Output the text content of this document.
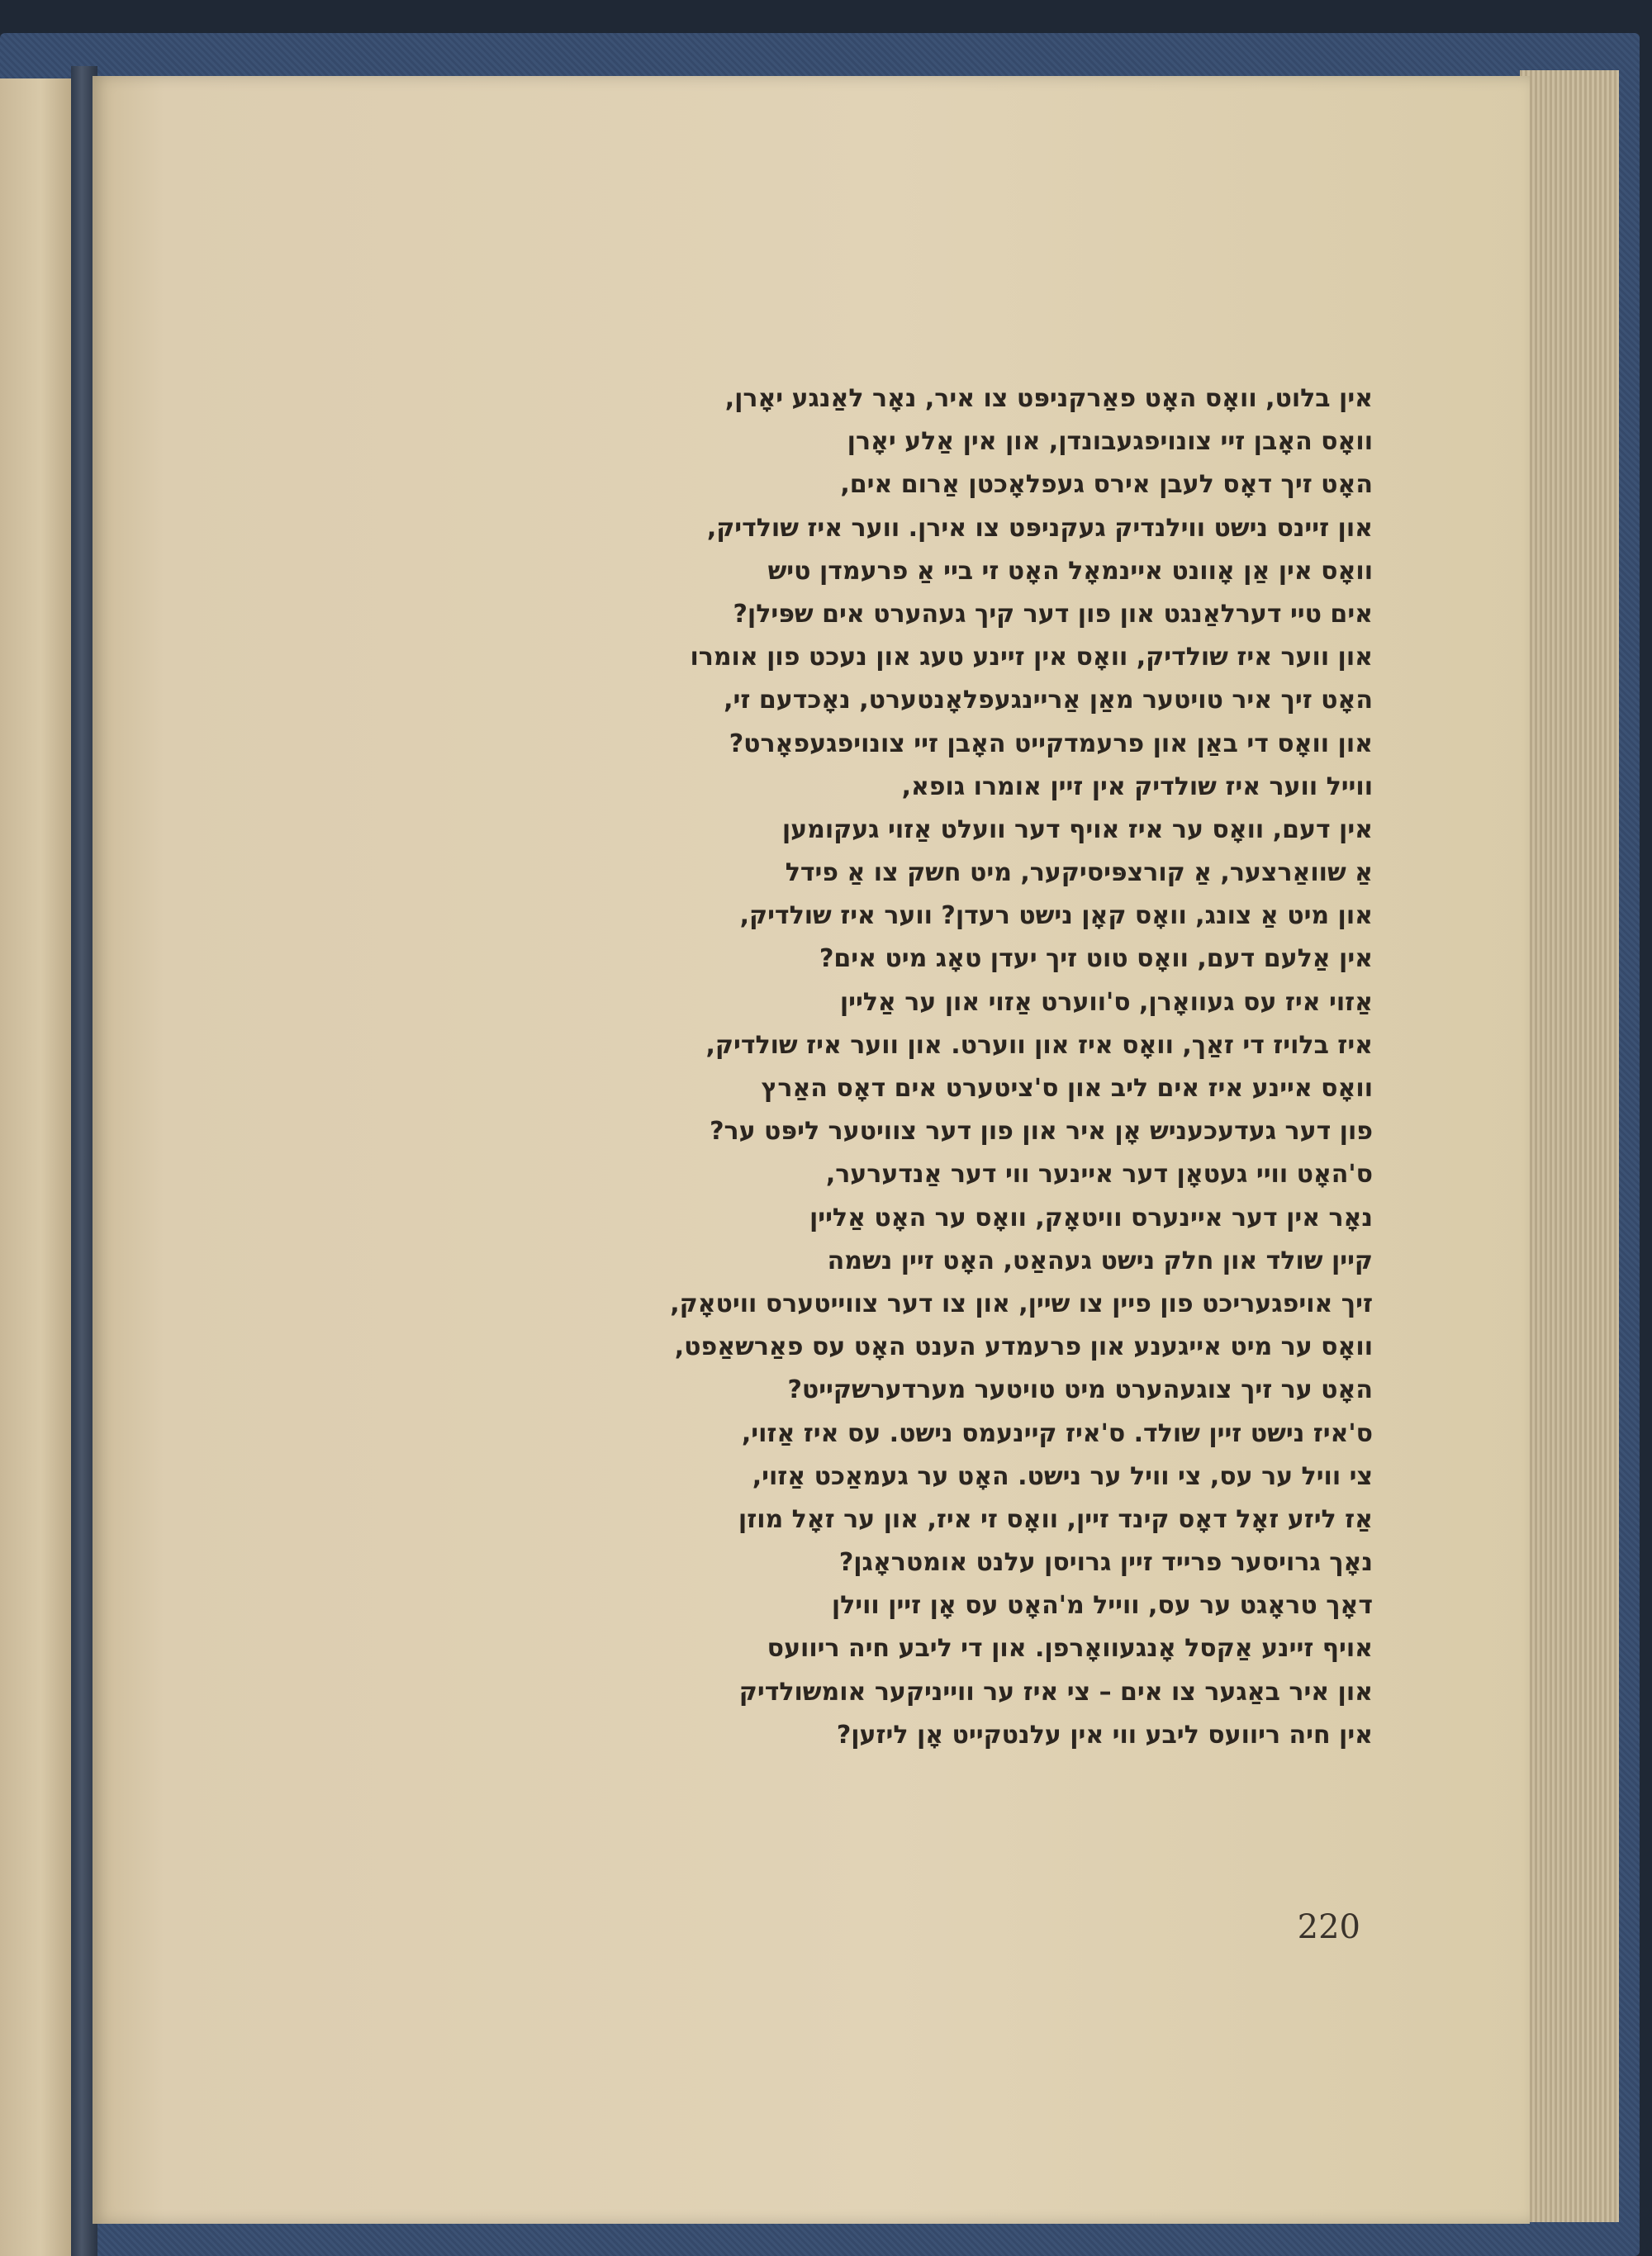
אין בלוט, וואָס האָט פאַרקניפּט צו איר, נאָר לאַנגע יאָרן,
וואָס האָבן זיי צונויפגעבונדן, און אין אַלע יאָרן
האָט זיך דאָס לעבן אירס געפלאָכטן אַרום אים,
און זיינס נישט ווילנדיק געקניפּט צו אירן. ווער איז שולדיק,
וואָס אין אַן אָוונט איינמאָל האָט זי ביי אַ פרעמדן טיש
אים טיי דערלאַנגט און פון דער קיך געהערט אים שפּילן?
און ווער איז שולדיק, וואָס אין זיינע טעג און נעכט פון אומרו
האָט זיך איר טויטער מאַן אַריינגעפלאָנטערט, נאָכדעם זי,
און וואָס די באַן און פרעמדקייט האָבן זיי צונויפגעפאָרט?
ווייל ווער איז שולדיק אין זיין אומרו גופא,
אין דעם, וואָס ער איז אויף דער וועלט אַזוי געקומען
אַ שוואַרצער, אַ קורצפּיסיקער, מיט חשק צו אַ פידל
און מיט אַ צונג, וואָס קאָן נישט רעדן? ווער איז שולדיק,
אין אַלעם דעם, וואָס טוט זיך יעדן טאָג מיט אים?
אַזוי איז עס געוואָרן, ס'ווערט אַזוי און ער אַליין
איז בלויז די זאַך, וואָס איז און ווערט. און ווער איז שולדיק,
וואָס איינע איז אים ליב און ס'ציטערט אים דאָס האַרץ
פון דער געדעכעניש אָן איר און פון דער צוויטער ליפּט ער?
ס'האָט וויי געטאָן דער איינער ווי דער אַנדערער,
נאָר אין דער איינערס וויטאָק, וואָס ער האָט אַליין
קיין שולד און חלק נישט געהאַט, האָט זיין נשמה
זיך אויפגעריכט פון פיין צו שיין, און צו דער צווייטערס וויטאָק,
וואָס ער מיט אייגענע און פרעמדע הענט האָט עס פאַרשאַפט,
האָט ער זיך צוגעהערט מיט טויטער מערדערשקייט?
ס'איז נישט זיין שולד. ס'איז קיינעמס נישט. עס איז אַזוי,
צי וויל ער עס, צי וויל ער נישט. האָט ער געמאַכט אַזוי,
אַז ליזע זאָל דאָס קינד זיין, וואָס זי איז, און ער זאָל מוזן
נאָך גרויסער פרייד זיין גרויסן עלנט אומטראָגן?
דאָך טראָגט ער עס, ווייל מ'האָט עס אָן זיין ווילן
אויף זיינע אַקסל אָנגעוואָרפן. און די ליבע חיה ריוועס
און איר באַגער צו אים – צי איז ער ווייניקער אומשולדיק
אין חיה ריוועס ליבע ווי אין עלנטקייט אָן ליזען?
220
